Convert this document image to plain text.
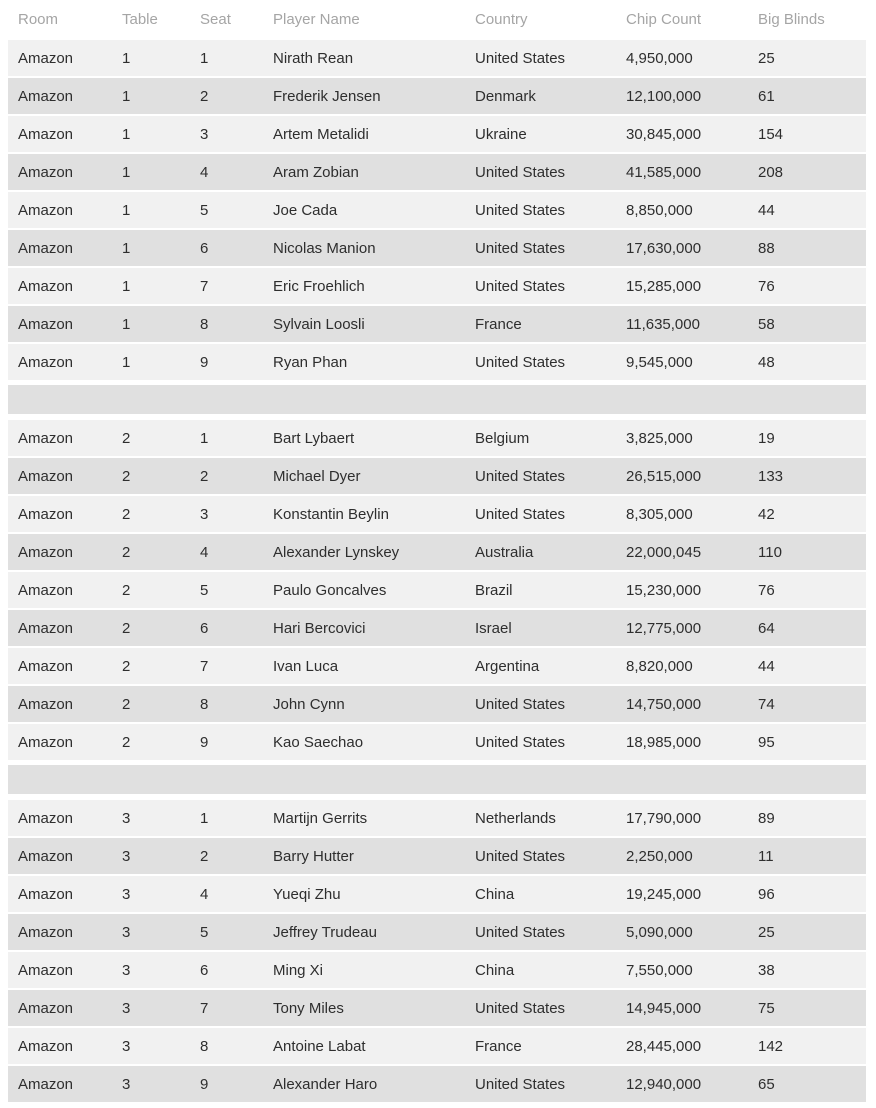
Room	Table	Seat	Player Name	Country	Chip Count	Big Blinds
Amazon	1	1	Nirath Rean	United States	4,950,000	25
Amazon	1	2	Frederik Jensen	Denmark	12,100,000	61
Amazon	1	3	Artem Metalidi	Ukraine	30,845,000	154
Amazon	1	4	Aram Zobian	United States	41,585,000	208
Amazon	1	5	Joe Cada	United States	8,850,000	44
Amazon	1	6	Nicolas Manion	United States	17,630,000	88
Amazon	1	7	Eric Froehlich	United States	15,285,000	76
Amazon	1	8	Sylvain Loosli	France	11,635,000	58
Amazon	1	9	Ryan Phan	United States	9,545,000	48
Amazon	2	1	Bart Lybaert	Belgium	3,825,000	19
Amazon	2	2	Michael Dyer	United States	26,515,000	133
Amazon	2	3	Konstantin Beylin	United States	8,305,000	42
Amazon	2	4	Alexander Lynskey	Australia	22,000,045	110
Amazon	2	5	Paulo Goncalves	Brazil	15,230,000	76
Amazon	2	6	Hari Bercovici	Israel	12,775,000	64
Amazon	2	7	Ivan Luca	Argentina	8,820,000	44
Amazon	2	8	John Cynn	United States	14,750,000	74
Amazon	2	9	Kao Saechao	United States	18,985,000	95
Amazon	3	1	Martijn Gerrits	Netherlands	17,790,000	89
Amazon	3	2	Barry Hutter	United States	2,250,000	11
Amazon	3	4	Yueqi Zhu	China	19,245,000	96
Amazon	3	5	Jeffrey Trudeau	United States	5,090,000	25
Amazon	3	6	Ming Xi	China	7,550,000	38
Amazon	3	7	Tony Miles	United States	14,945,000	75
Amazon	3	8	Antoine Labat	France	28,445,000	142
Amazon	3	9	Alexander Haro	United States	12,940,000	65
